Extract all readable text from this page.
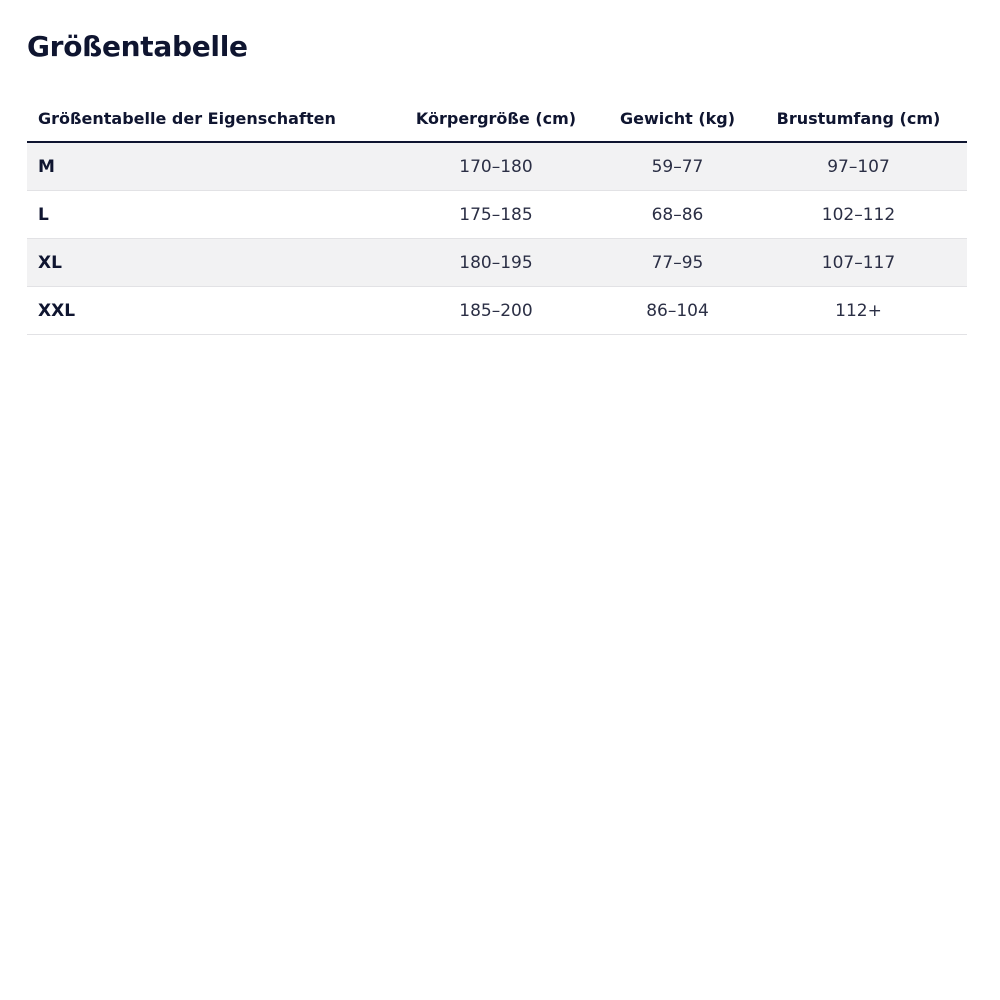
Größentabelle
Größentabelle der Eigenschaften	Körpergröße (cm)	Gewicht (kg)	Brustumfang (cm)
M	170–180	59–77	97–107
L	175–185	68–86	102–112
XL	180–195	77–95	107–117
XXL	185–200	86–104	112+
